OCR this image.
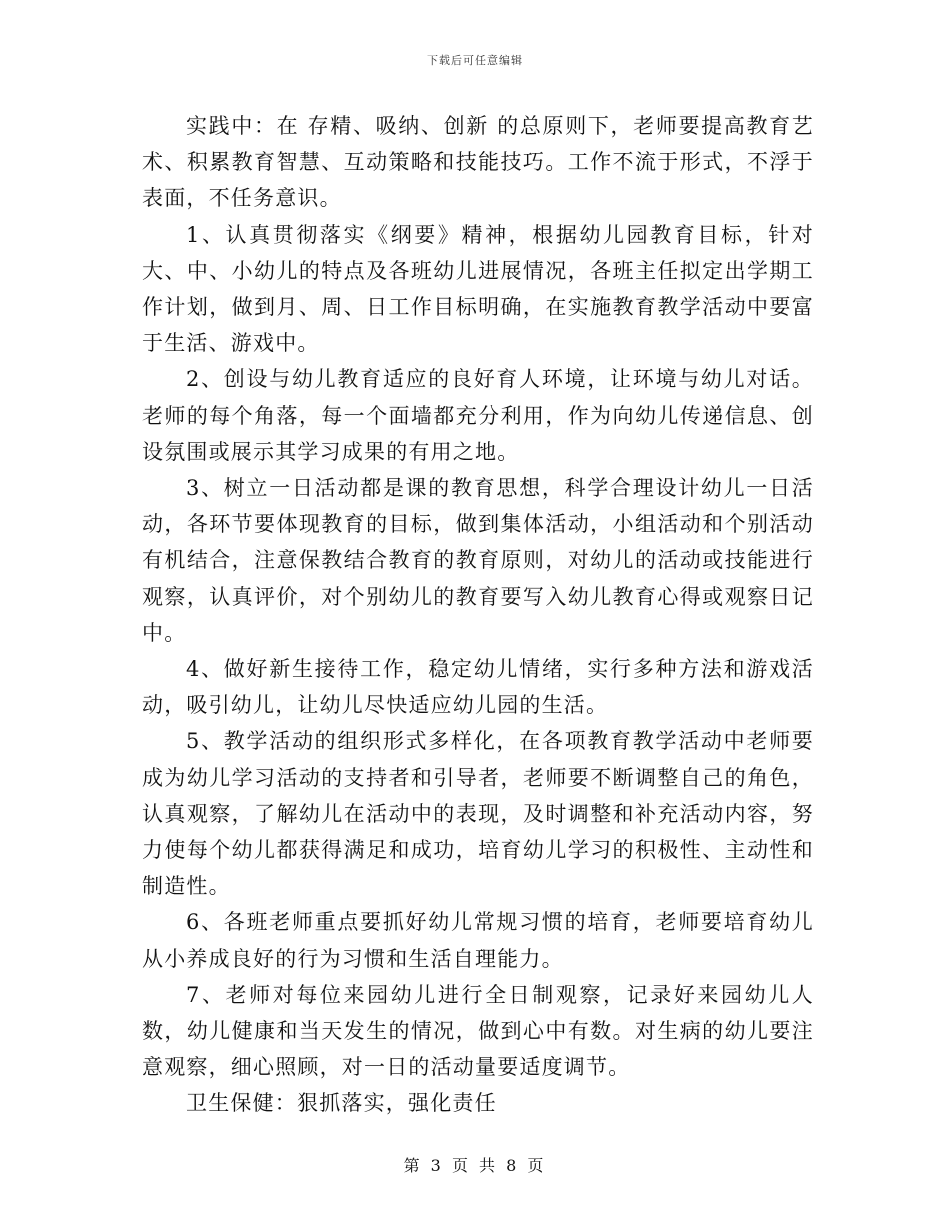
下载后可任意编辑

实践中：在 存精、吸纳、创新 的总原则下，老师要提高教育艺术、积累教育智慧、互动策略和技能技巧。工作不流于形式，不浮于表面，不任务意识。

1、认真贯彻落实《纲要》精神，根据幼儿园教育目标，针对大、中、小幼儿的特点及各班幼儿进展情况，各班主任拟定出学期工作计划，做到月、周、日工作目标明确，在实施教育教学活动中要富于生活、游戏中。

2、创设与幼儿教育适应的良好育人环境，让环境与幼儿对话。老师的每个角落，每一个面墙都充分利用，作为向幼儿传递信息、创设氛围或展示其学习成果的有用之地。

3、树立一日活动都是课的教育思想，科学合理设计幼儿一日活动，各环节要体现教育的目标，做到集体活动，小组活动和个别活动有机结合，注意保教结合教育的教育原则，对幼儿的活动或技能进行观察，认真评价，对个别幼儿的教育要写入幼儿教育心得或观察日记中。

4、做好新生接待工作，稳定幼儿情绪，实行多种方法和游戏活动，吸引幼儿，让幼儿尽快适应幼儿园的生活。

5、教学活动的组织形式多样化，在各项教育教学活动中老师要成为幼儿学习活动的支持者和引导者，老师要不断调整自己的角色，认真观察，了解幼儿在活动中的表现，及时调整和补充活动内容，努力使每个幼儿都获得满足和成功，培育幼儿学习的积极性、主动性和制造性。

6、各班老师重点要抓好幼儿常规习惯的培育，老师要培育幼儿从小养成良好的行为习惯和生活自理能力。

7、老师对每位来园幼儿进行全日制观察，记录好来园幼儿人数，幼儿健康和当天发生的情况，做到心中有数。对生病的幼儿要注意观察，细心照顾，对一日的活动量要适度调节。

卫生保健：狠抓落实，强化责任

第 3 页 共 8 页
